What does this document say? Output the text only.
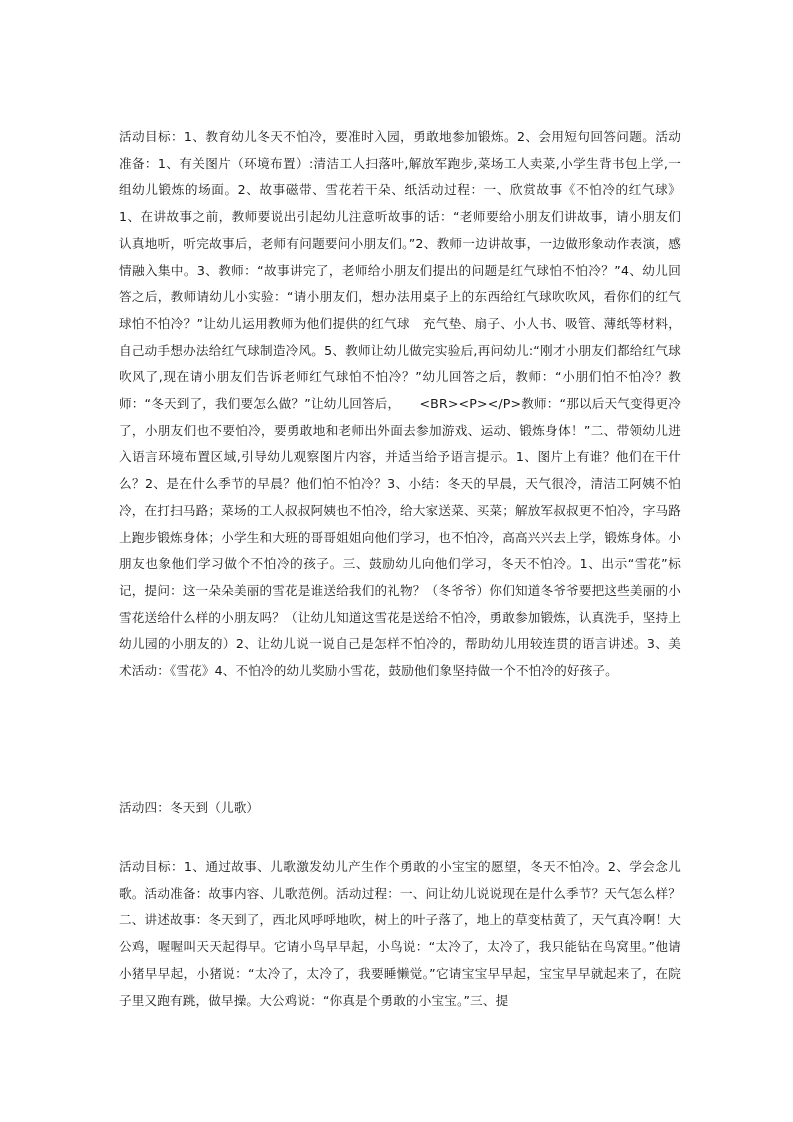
活动目标：1、教育幼儿冬天不怕冷，要准时入园，勇敢地参加锻炼。2、会用短句回答问题。活动准备：1、有关图片（环境布置）:清洁工人扫落叶,解放军跑步,菜场工人卖菜,小学生背书包上学,一组幼儿锻炼的场面。2、故事磁带、雪花若干朵、纸活动过程：一、欣赏故事《不怕冷的红气球》1、在讲故事之前，教师要说出引起幼儿注意听故事的话：“老师要给小朋友们讲故事，请小朋友们认真地听，听完故事后，老师有问题要问小朋友们。”2、教师一边讲故事，一边做形象动作表演，感情融入集中。3、教师：“故事讲完了，老师给小朋友们提出的问题是红气球怕不怕冷？”4、幼儿回答之后，教师请幼儿小实验：“请小朋友们，想办法用桌子上的东西给红气球吹吹风，看你们的红气球怕不怕冷？”让幼儿运用教师为他们提供的红气球　充气垫、扇子、小人书、吸管、薄纸等材料，自己动手想办法给红气球制造冷风。5、教师让幼儿做完实验后,再问幼儿:“刚才小朋友们都给红气球吹风了,现在请小朋友们告诉老师红气球怕不怕冷？”幼儿回答之后，教师：“小朋们怕不怕冷？教师：“冬天到了，我们要怎么做？”让幼儿回答后，　　<BR><P></P>教师：“那以后天气变得更冷了，小朋友们也不要怕冷，要勇敢地和老师出外面去参加游戏、运动、锻炼身体！”二、带领幼儿进入语言环境布置区域,引导幼儿观察图片内容，并适当给予语言提示。1、图片上有谁？他们在干什么？2、是在什么季节的早晨？他们怕不怕冷？3、小结：冬天的早晨，天气很冷，清洁工阿姨不怕冷，在打扫马路；菜场的工人叔叔阿姨也不怕冷，给大家送菜、买菜；解放军叔叔更不怕冷，字马路上跑步锻炼身体；小学生和大班的哥哥姐姐向他们学习，也不怕冷，高高兴兴去上学，锻炼身体。小朋友也象他们学习做个不怕冷的孩子。三、鼓励幼儿向他们学习，冬天不怕冷。1、出示“雪花”标记，提问：这一朵朵美丽的雪花是谁送给我们的礼物？（冬爷爷）你们知道冬爷爷要把这些美丽的小雪花送给什么样的小朋友吗？（让幼儿知道这雪花是送给不怕冷，勇敢参加锻炼，认真洗手，坚持上幼儿园的小朋友的）2、让幼儿说一说自己是怎样不怕冷的，帮助幼儿用较连贯的语言讲述。3、美术活动：《雪花》4、不怕冷的幼儿奖励小雪花，鼓励他们象坚持做一个不怕冷的好孩子。

活动四：冬天到（儿歌）

活动目标：1、通过故事、儿歌激发幼儿产生作个勇敢的小宝宝的愿望，冬天不怕冷。2、学会念儿歌。活动准备：故事内容、儿歌范例。活动过程：一、问让幼儿说说现在是什么季节？天气怎么样？二、讲述故事：冬天到了，西北风呼呼地吹，树上的叶子落了，地上的草变枯黄了，天气真冷啊！大公鸡，喔喔叫天天起得早。它请小鸟早早起，小鸟说：“太冷了，太冷了，我只能钻在鸟窝里。”他请小猪早早起，小猪说：“太冷了，太冷了，我要睡懒觉。”它请宝宝早早起，宝宝早早就起来了，在院子里又跑有跳，做早操。大公鸡说：“你真是个勇敢的小宝宝。”三、提
